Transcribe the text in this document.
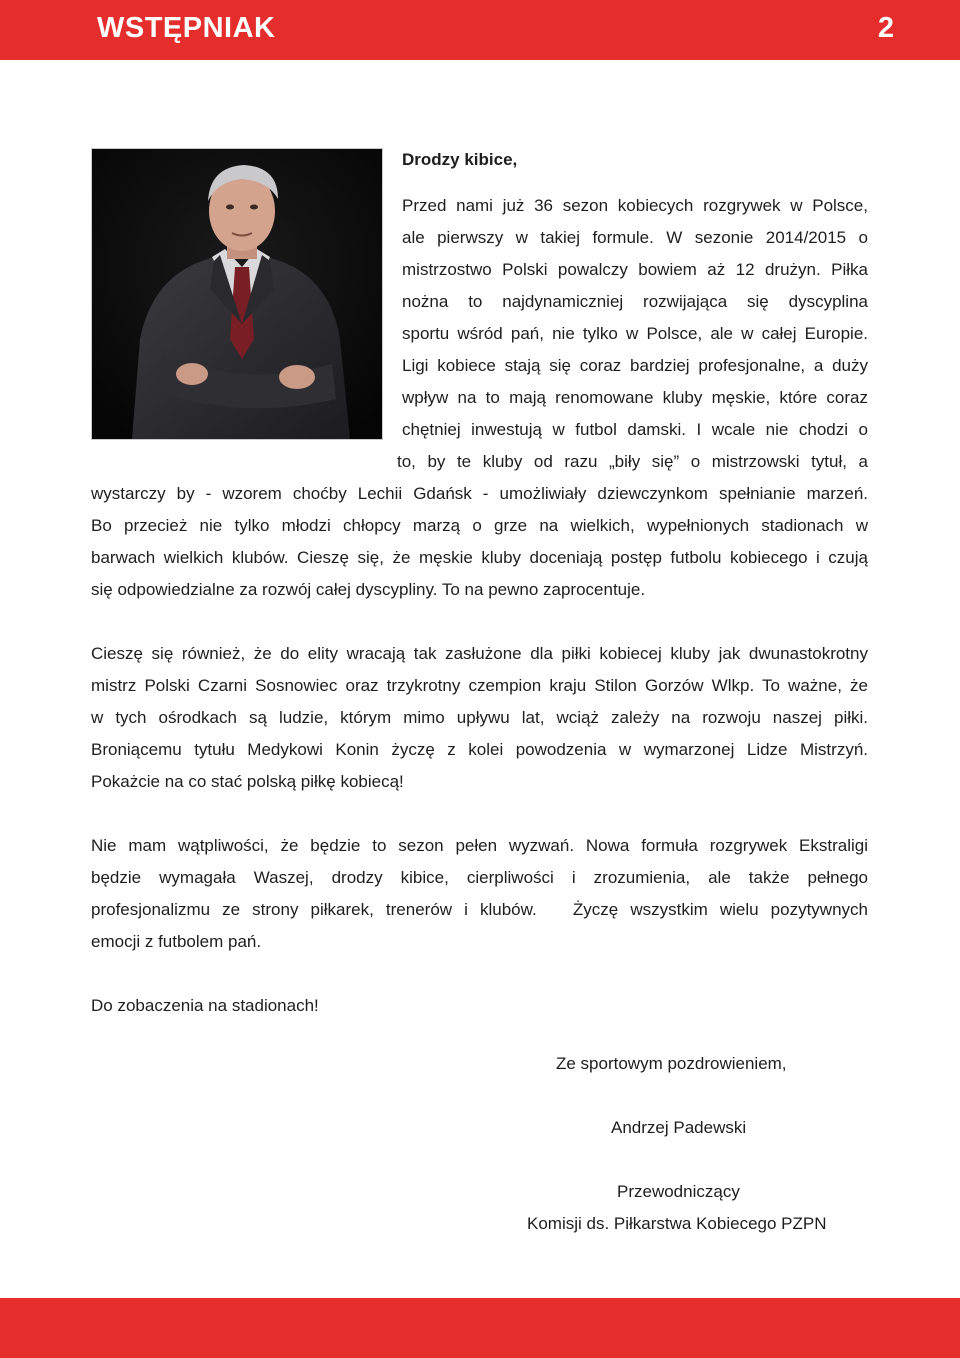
WSTĘPNIAK	2
Drodzy kibice,
Przed nami już 36 sezon kobiecych rozgrywek w Polsce,
ale pierwszy w takiej formule. W sezonie 2014/2015 o
mistrzostwo Polski powalczy bowiem aż 12 drużyn. Piłka
nożna to najdynamiczniej rozwijająca się dyscyplina
sportu wśród pań, nie tylko w Polsce, ale w całej Europie.
Ligi kobiece stają się coraz bardziej profesjonalne, a duży
wpływ na to mają renomowane kluby męskie, które coraz
chętniej inwestują w futbol damski. I wcale nie chodzi o
to, by te kluby od razu „biły się” o mistrzowski tytuł, a
wystarczy by - wzorem choćby Lechii Gdańsk - umożliwiały dziewczynkom spełnianie marzeń.
Bo przecież nie tylko młodzi chłopcy marzą o grze na wielkich, wypełnionych stadionach w
barwach wielkich klubów. Cieszę się, że męskie kluby doceniają postęp futbolu kobiecego i czują
się odpowiedzialne za rozwój całej dyscypliny. To na pewno zaprocentuje.
Cieszę się również, że do elity wracają tak zasłużone dla piłki kobiecej kluby jak dwunastokrotny
mistrz Polski Czarni Sosnowiec oraz trzykrotny czempion kraju Stilon Gorzów Wlkp. To ważne, że
w tych ośrodkach są ludzie, którym mimo upływu lat, wciąż zależy na rozwoju naszej piłki.
Broniącemu tytułu Medykowi Konin życzę z kolei powodzenia w wymarzonej Lidze Mistrzyń.
Pokażcie na co stać polską piłkę kobiecą!
Nie mam wątpliwości, że będzie to sezon pełen wyzwań. Nowa formuła rozgrywek Ekstraligi
będzie wymagała Waszej, drodzy kibice, cierpliwości i zrozumienia, ale także pełnego
profesjonalizmu ze strony piłkarek, trenerów i klubów.   Życzę wszystkim wielu pozytywnych
emocji z futbolem pań.
Do zobaczenia na stadionach!
Ze sportowym pozdrowieniem,
Andrzej Padewski
Przewodniczący
Komisji ds. Piłkarstwa Kobiecego PZPN
